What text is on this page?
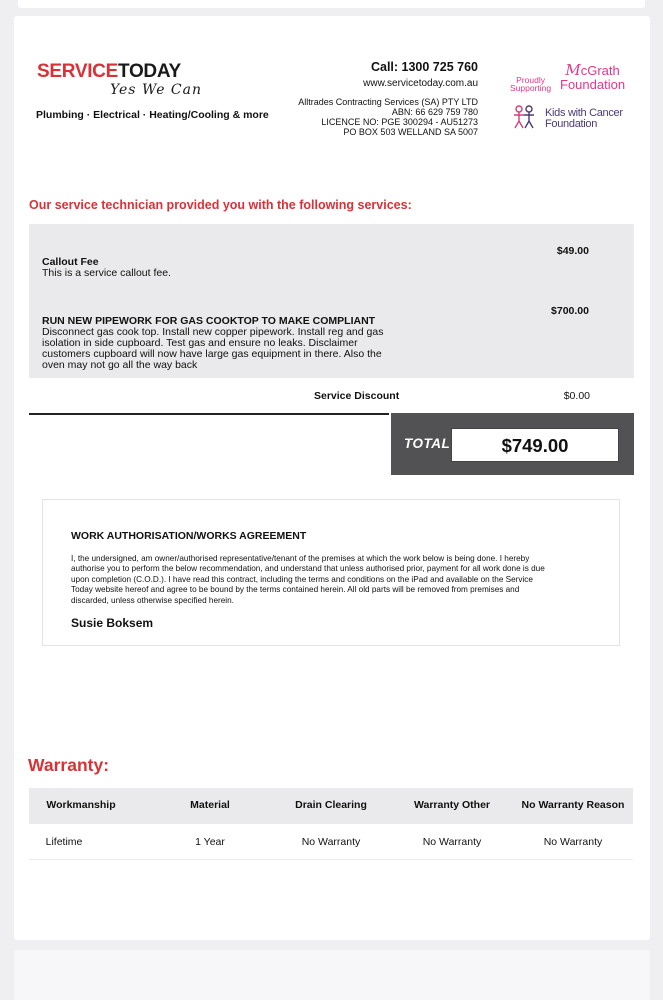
SERVICETODAY
Yes We Can
Plumbing · Electrical · Heating/Cooling & more
Call: 1300 725 760
www.servicetoday.com.au
Alltrades Contracting Services (SA) PTY LTD
ABN: 66 629 759 780
LICENCE NO: PGE 300294 - AU51273
PO BOX 503 WELLAND SA 5007
Proudly
Supporting
McGrath
Foundation
Kids with Cancer
Foundation
Our service technician provided you with the following services:
Callout Fee
This is a service callout fee.
$49.00
RUN NEW PIPEWORK FOR GAS COOKTOP TO MAKE COMPLIANT
Disconnect gas cook top. Install new copper pipework. Install reg and gas
isolation in side cupboard. Test gas and ensure no leaks. Disclaimer
customers cupboard will now have large gas equipment in there. Also the
oven may not go all the way back
$700.00
Service Discount	$0.00
TOTAL	$749.00
WORK AUTHORISATION/WORKS AGREEMENT
I, the undersigned, am owner/authorised representative/tenant of the premises at which the work below is being done. I hereby
authorise you to perform the below recommendation, and understand that unless authorised prior, payment for all work done is due
upon completion (C.O.D.). I have read this contract, including the terms and conditions on the iPad and available on the Service
Today website hereof and agree to be bound by the terms contained herein. All old parts will be removed from premises and
discarded, unless otherwise specified herein.
Susie Boksem
Warranty:
Workmanship	Material	Drain Clearing	Warranty Other	No Warranty Reason
Lifetime	1 Year	No Warranty	No Warranty	No Warranty
